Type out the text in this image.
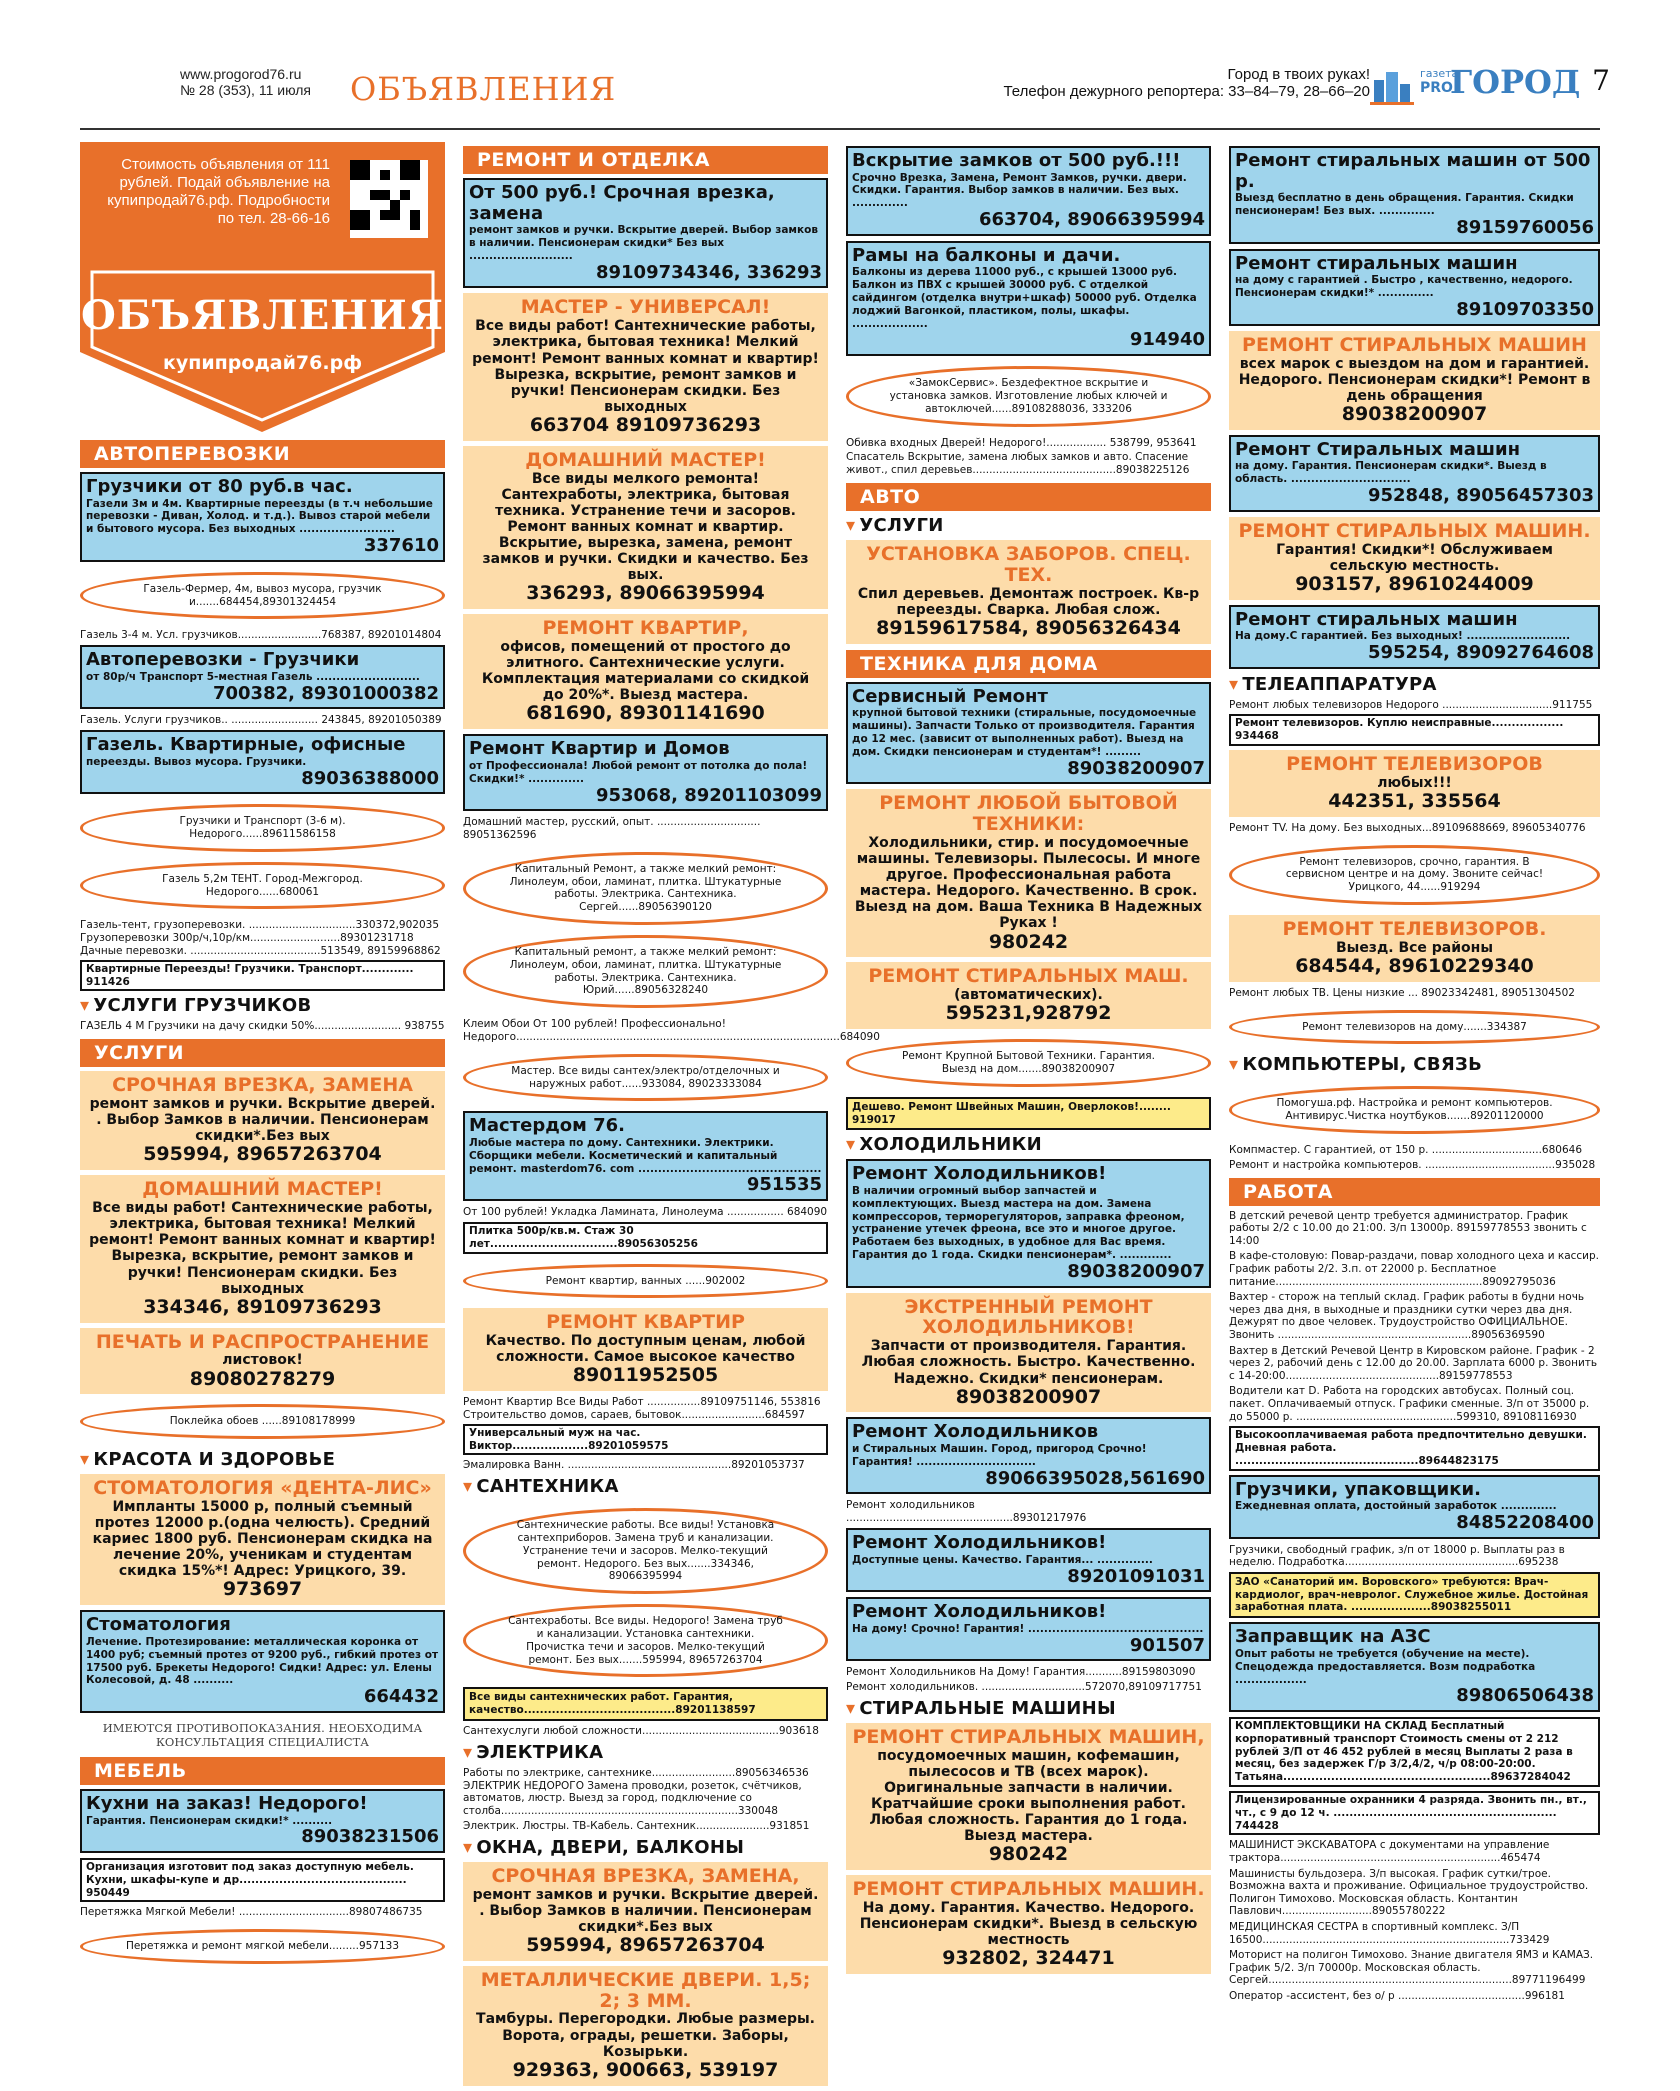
www.progorod76.ru
№ 28 (353), 11 июля ОБЪЯВЛЕНИЯ	Город в твоих руках!
Телефон дежурного репортера: 33–84–79, 28–66–20
газета
PRO
ГОРОД 7
Стоимость объявления от 111 рублей. Подай объявление на купипродай76.рф. Подробности по тел. 28-66-16
ОБЪЯВЛЕНИЯ
купипродай76.рф
АВТОПЕРЕВОЗКИ
Грузчики от 80 руб.в час.
Газели 3м и 4м. Квартирные переезды (в т.ч небольшие перевозки - Диван, Холод. и т.д.). Вывоз старой мебели и бытового мусора. Без выходных ........................
337610
Газель-Фермер, 4м, вывоз мусора, грузчик и.......684454,89301324454
Газель 3-4 м. Усл. грузчиков.........................768387, 89201014804
Автоперевозки - Грузчики
от 80р/ч Транспорт 5-местная Газель ..........................
700382, 89301000382
Газель. Услуги грузчиков.. .......................... 243845, 89201050389
Газель. Квартирные, офисные
переезды. Вывоз мусора. Грузчики.
89036388000
Грузчики и Транспорт (3-6 м). Недорого......89611586158
Газель 5,2м ТЕНТ. Город-Межгород. Недорого......680061
Газель-тент, грузоперевозки. ................................330372,902035
Грузоперевозки 300р/ч,10р/км...........................89301231718
Дачные перевозки. .......................................513549, 89159968862
Квартирные Переезды! Грузчики. Транспорт............. 911426
▾ УСЛУГИ ГРУЗЧИКОВ
ГАЗЕЛЬ 4 М Грузчики на дачу скидки 50%.......................... 938755
УСЛУГИ
СРОЧНАЯ ВРЕЗКА, ЗАМЕНА
ремонт замков и ручки. Вскрытие дверей. . Выбор Замков в наличии. Пенсионерам скидки*.Без вых
595994, 89657263704
ДОМАШНИЙ МАСТЕР!
Все виды работ! Сантехнические работы, электрика, бытовая техника! Мелкий ремонт! Ремонт ванных комнат и квартир! Вырезка, вскрытие, ремонт замков и ручки! Пенсионерам скидки. Без выходных
334346, 89109736293
ПЕЧАТЬ И РАСПРОСТРАНЕНИЕ
листовок!
89080278279
Поклейка обоев ......89108178999
▾ КРАСОТА И ЗДОРОВЬЕ
СТОМАТОЛОГИЯ «ДЕНТА-ЛИС»
Импланты 15000 р, полный съемный протез 12000 р.(одна челюсть). Средний кариес 1800 руб. Пенсионерам скидка на лечение 20%, ученикам и студентам скидка 15%*! Адрес: Урицкого, 39.
973697
Стоматология
Лечение. Протезирование: металлическая коронка от 1400 руб; съемный протез от 9200 руб., гибкий протез от 17500 руб. Брекеты Недорого! Сидки! Адрес: ул. Елены Колесовой, д. 48 ..........
664432
ИМЕЮТСЯ ПРОТИВОПОКАЗАНИЯ. НЕОБХОДИМА КОНСУЛЬТАЦИЯ СПЕЦИАЛИСТА
МЕБЕЛЬ
Кухни на заказ! Недорого!
Гарантия. Пенсионерам скидки!* ..........
89038231506
Организация изготовит под заказ доступную мебель. Кухни, шкафы-купе и др.......................................... 950449
Перетяжка Мягкой Мебели! .................................89807486735
Перетяжка и ремонт мягкой мебели.........957133
РЕМОНТ И ОТДЕЛКА
От 500 руб.! Срочная врезка, замена
ремонт замков и ручки. Вскрытие дверей. Выбор замков в наличии. Пенсионерам скидки* Без вых ..........................
89109734346, 336293
МАСТЕР - УНИВЕРСАЛ!
Все виды работ! Сантехнические работы, электрика, бытовая техника! Мелкий ремонт! Ремонт ванных комнат и квартир! Вырезка, вскрытие, ремонт замков и ручки! Пенсионерам скидки. Без выходных
663704 89109736293
ДОМАШНИЙ МАСТЕР!
Все виды мелкого ремонта! Сантехработы, электрика, бытовая техника. Устранение течи и засоров. Ремонт ванных комнат и квартир. Вскрытие, вырезка, замена, ремонт замков и ручки. Скидки и качество. Без вых.
336293, 89066395994
РЕМОНТ КВАРТИР,
офисов, помещений от простого до элитного. Сантехнические услуги. Комплектация материалами со скидкой до 20%*. Выезд мастера.
681690, 89301141690
Ремонт Квартир и Домов
от Профессионала! Любой ремонт от потолка до пола! Скидки!* ..............
953068, 89201103099
Домашний мастер, русский, опыт. ............................... 89051362596
Капитальный Ремонт, а также мелкий ремонт: Линолеум, обои, ламинат, плитка. Штукатурные работы. Электрика. Сантехника. Сергей......89056390120
Капитальный ремонт, а также мелкий ремонт: Линолеум, обои, ламинат, плитка. Штукатурные работы. Электрика. Сантехника. Юрий......89056328240
Клеим Обои От 100 рублей! Профессионально! Недорого.................................................................................................684090
Мастер. Все виды сантех/электро/отделочных и наружных работ......933084, 89023333084
Мастердом 76.
Любые мастера по дому. Сантехники. Электрики. Сборщики мебели. Косметический и капитальный ремонт. masterdom76. com ..............................................
951535
От 100 рублей! Укладка Ламината, Линолеума ................. 684090
Плитка 500р/кв.м. Стаж 30 лет................................89056305256
Ремонт квартир, ванных ......902002
РЕМОНТ КВАРТИР
Качество. По доступным ценам, любой сложности. Самое высокое качество
89011952505
Ремонт Квартир Все Виды Работ ................89109751146, 553816
Строительство домов, сараев, бытовок.........................684597
Универсальный муж на час. Виктор...................89201059575
Эмалировка Ванн. .................................................89201053737
▾ САНТЕХНИКА
Сантехнические работы. Все виды! Установка сантехприборов. Замена труб и канализации. Устранение течи и засоров. Мелко-текущий ремонт. Недорого. Без вых.......334346, 89066395994
Сантехработы. Все виды. Недорого! Замена труб и канализации. Установка сантехники. Прочистка течи и засоров. Мелко-текущий ремонт. Без вых.......595994, 89657263704
Все виды сантехнических работ. Гарантия, качество......................................89201138597
Сантехуслуги любой сложности.........................................903618
▾ ЭЛЕКТРИКА
Работы по электрике, сантехнике.........................89056346536
ЭЛЕКТРИК НЕДОРОГО Замена проводки, розеток, счётчиков, автоматов, люстр. Выезд за город, подключение со столба.......................................................................330048
Электрик. Люстры. ТВ-Кабель. Сантехник......................931851
▾ ОКНА, ДВЕРИ, БАЛКОНЫ
СРОЧНАЯ ВРЕЗКА, ЗАМЕНА,
ремонт замков и ручки. Вскрытие дверей. . Выбор Замков в наличии. Пенсионерам скидки*.Без вых
595994, 89657263704
МЕТАЛЛИЧЕСКИЕ ДВЕРИ. 1,5; 2; 3 ММ.
Тамбуры. Перегородки. Любые размеры. Ворота, ограды, решетки. Заборы, Козырьки.
929363, 900663, 539197
Вскрытие замков от 500 руб.!!!
Срочно Врезка, Замена, Ремонт Замков, ручки. двери. Скидки. Гарантия. Выбор замков в наличии. Без вых. ..............
663704, 89066395994
Рамы на балконы и дачи.
Балконы из дерева 11000 руб., с крышей 13000 руб. Балкон из ПВХ с крышей 30000 руб. С отделкой сайдингом (отделка внутри+шкаф) 50000 руб. Отделка лоджий Вагонкой, пластиком, полы, шкафы. ...................
914940
«ЗамокСервис». Бездефектное вскрытие и установка замков. Изготовление любых ключей и автоключей......89108288036, 333206
Обивка входных Дверей! Недорого!.................. 538799, 953641
Спасатель Вскрытие, замена любых замков и авто. Спасение живот., спил деревьев...........................................89038225126
АВТО
▾ УСЛУГИ
УСТАНОВКА ЗАБОРОВ. СПЕЦ. ТЕХ.
Спил деревьев. Демонтаж построек. Кв-р переезды. Сварка. Любая слож.
89159617584, 89056326434
ТЕХНИКА ДЛЯ ДОМА
Сервисный Ремонт
крупной бытовой техники (стиральные, посудомоечные машины). Запчасти Только от производителя. Гарантия до 12 мес. (зависит от выполненных работ). Выезд на дом. Скидки пенсионерам и студентам*! .........
89038200907
РЕМОНТ ЛЮБОЙ БЫТОВОЙ ТЕХНИКИ:
Холодильники, стир. и посудомоечные машины. Телевизоры. Пылесосы. И многе другое. Профессиональная работа мастера. Недорого. Качественно. В срок. Выезд на дом. Ваша Техника В Надежных Руках !
980242
РЕМОНТ СТИРАЛЬНЫХ МАШ.
(автоматических).
595231,928792
Ремонт Крупной Бытовой Техники. Гарантия. Выезд на дом.......89038200907
Дешево. Ремонт Швейных Машин, Оверлоков!........ 919017
▾ ХОЛОДИЛЬНИКИ
Ремонт Холодильников!
В наличии огромный выбор запчастей и комплектующих. Выезд мастера на дом. Замена компрессоров, терморегуляторов, заправка фреоном, устранение утечек фреона, все это и многое другое. Работаем без выходных, в удобное для Вас время. Гарантия до 1 года. Скидки пенсионерам*. .............
89038200907
ЭКСТРЕННЫЙ РЕМОНТ ХОЛОДИЛЬНИКОВ!
Запчасти от производителя. Гарантия. Любая сложность. Быстро. Качественно. Надежно. Скидки* пенсионерам.
89038200907
Ремонт Холодильников
и Стиральных Машин. Город, пригород Срочно! Гарантия! ..............................
89066395028,561690
Ремонт холодильников ..................................................89301217976
Ремонт Холодильников!
Доступные цены. Качество. Гарантия... ..............
89201091031
Ремонт Холодильников!
На дому! Срочно! Гарантия! ............................................
901507
Ремонт Холодильников На Дому! Гарантия...........89159803090
Ремонт холодильников. ...............................572070,89109717751
▾ СТИРАЛЬНЫЕ МАШИНЫ
РЕМОНТ СТИРАЛЬНЫХ МАШИН,
посудомоечных машин, кофемашин, пылесосов и ТВ (всех марок). Оригинальные запчасти в наличии. Кратчайшие сроки выполнения работ. Любая сложность. Гарантия до 1 года. Выезд мастера.
980242
РЕМОНТ СТИРАЛЬНЫХ МАШИН.
На дому. Гарантия. Качество. Недорого. Пенсионерам скидки*. Выезд в сельскую местность
932802, 324471
Ремонт стиральных машин от 500 р.
Выезд бесплатно в день обращения. Гарантия. Скидки пенсионерам! Без вых. ..............
89159760056
Ремонт стиральных машин
на дому с гарантией . Быстро , качественно, недорого. Пенсионерам скидки!* ..............
89109703350
РЕМОНТ СТИРАЛЬНЫХ МАШИН
всех марок с выездом на дом и гарантией. Недорого. Пенсионерам скидки*! Ремонт в день обращения
89038200907
Ремонт Стиральных машин
на дому. Гарантия. Пенсионерам скидки*. Выезд в область. ..............................
952848, 89056457303
РЕМОНТ СТИРАЛЬНЫХ МАШИН.
Гарантия! Скидки*! Обслуживаем сельскую местность.
903157, 89610244009
Ремонт стиральных машин
На дому.С гарантией. Без выходных! ..........................
595254, 89092764608
▾ ТЕЛЕАППАРАТУРА
Ремонт любых телевизоров Недорого .................................911755
Ремонт телевизоров. Куплю неисправные.................. 934468
РЕМОНТ ТЕЛЕВИЗОРОВ
любых!!!
442351, 335564
Ремонт TV. На дому. Без выходных...89109688669, 89605340776
Ремонт телевизоров, срочно, гарантия. В сервисном центре и на дому. Звоните сейчас! Урицкого, 44......919294
РЕМОНТ ТЕЛЕВИЗОРОВ.
Выезд. Все районы
684544, 89610229340
Ремонт любых ТВ. Цены низкие ... 89023342481, 89051304502
Ремонт телевизоров на дому.......334387
▾ КОМПЬЮТЕРЫ, СВЯЗЬ
Помогуша.рф. Настройка и ремонт компьютеров. Антивирус.Чистка ноутбуков.......89201120000
Компмастер. С гарантией, от 150 р. .................................680646
Ремонт и настройка компьютеров. .......................................935028
РАБОТА
В детский речевой центр требуется администратор. График работы 2/2 с 10.00 до 21:00. З/п 13000р. 89159778553 звонить с 14:00
В кафе-столовую: Повар-раздачи, повар холодного цеха и кассир. График работы 2/2. З.п. от 22000 р. Бесплатное питание..............................................................89092795036
Вахтер - сторож на теплый склад. График работы в будни ночь через два дня, в выходные и праздники сутки через два дня. Дежурят по двое человек. Трудоустройство ОФИЦИАЛЬНОЕ. Звонить ..........................................................89056369590
Вахтер в Детский Речевой Центр в Кировском районе. График - 2 через 2, рабочий день с 12.00 до 20.00. Зарплата 6000 р. Звонить с 14-20:00..............................................89159778553
Водители кат D. Работа на городских автобусах. Полный соц. пакет. Оплачиваемый отпуск. Графики сменные. З/п от 35000 р. до 55000 р. ................................................599310, 89108116930
Высокооплачиваемая работа предпочтительно девушки. Дневная работа. ..............................................89644823175
Грузчики, упаковщики.
Ежедневная оплата, достойный заработок ..............
84852208400
Грузчики, свободный график, з/п от 18000 р. Выплаты раз в неделю. Подработка....................................................695238
ЗАО «Санаторий им. Воровского» требуются: Врач-кардиолог, врач-невролог. Служебное жилье. Достойная заработная плата. ....................89038255011
Заправщик на АЗС
Опыт работы не требуется (обучение на месте). Спецодежда предоставляется. Возм подработка ..................
89806506438
КОМПЛЕКТОВЩИКИ НА СКЛАД Бесплатный корпоративный транспорт Стоимость смены от 2 212 рублей З/П от 46 452 рублей в месяц Выплаты 2 раза в месяц, без задержек Г/р 3/2,4/2, ч/р 08:00-20:00. Татьяна....................................................89637284042
Лицензированные охранники 4 разряда. Звонить пн., вт., чт., с 9 до 12 ч. ........................................................ 744428
МАШИНИСТ ЭКСКАВАТОРА с документами на управление трактора..................................................................465474
Машинисты бульдозера. З/п высокая. График сутки/трое. Возможна вахта и проживание. Официальное трудоустройство. Полигон Тимохово. Московская область. Контантин Павлович...........................89055780222
МЕДИЦИНСКАЯ СЕСТРА в спортивный комплекс. З/П 16500..........................................................................733429
Моторист на полигон Тимохово. Знание двигателя ЯМЗ и КАМАЗ. График 5/2. З/п 70000р. Московская область. Сергей.........................................................................89771196499
Оператор -ассистент, без о/ р ......................................996181
